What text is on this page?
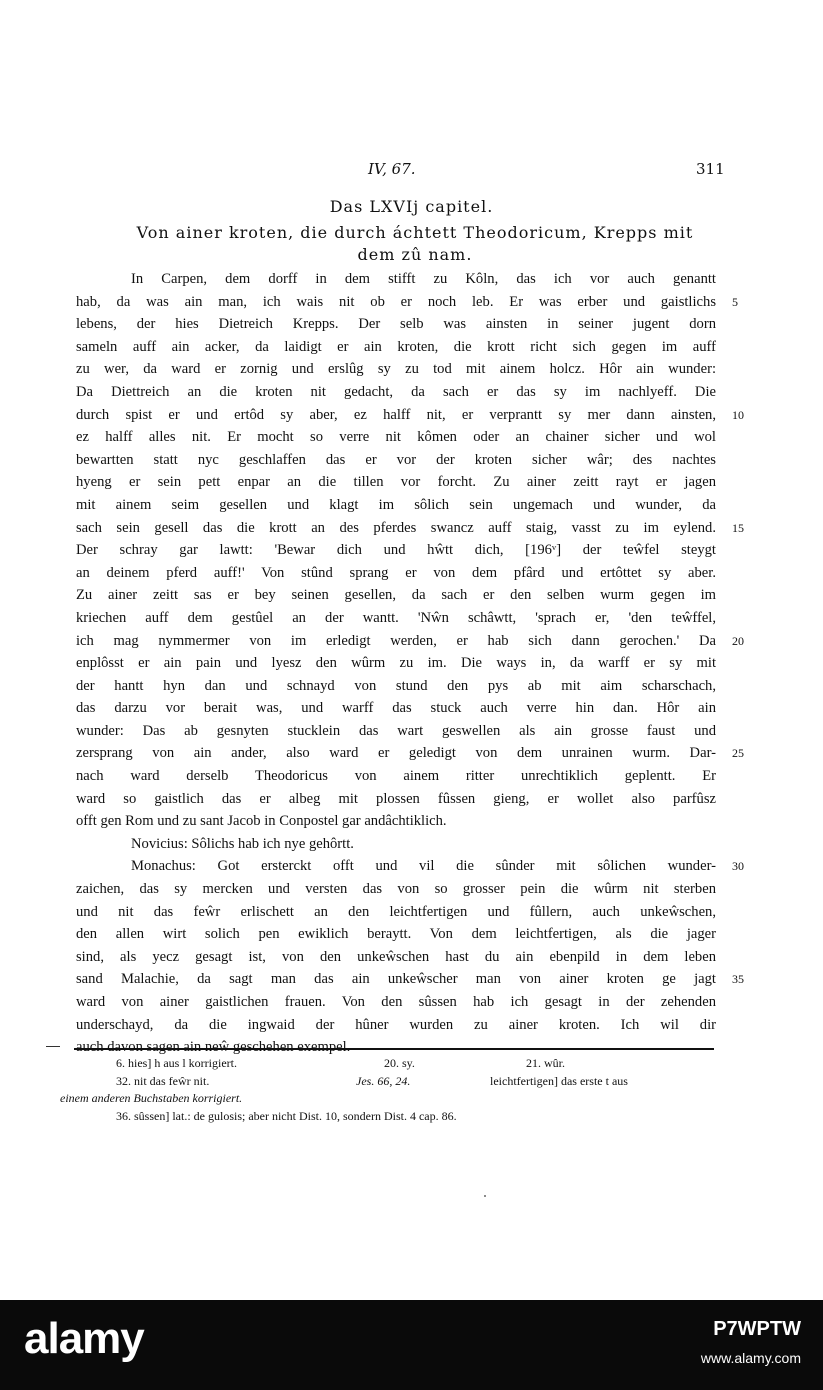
IV, 67.	311
Das LXVIj capitel.
Von ainer kroten, die durch áchtett Theodoricum, Krepps mit
dem zû nam.
In Carpen, dem dorff in dem stifft zu Kôln, das ich vor auch genantt
hab, da was ain man, ich wais nit ob er noch leb. Er was erber und gaistlichs 5
lebens, der hies Dietreich Krepps. Der selb was ainsten in seiner jugent dorn
sameln auff ain acker, da laidigt er ain kroten, die krott richt sich gegen im auff
zu wer, da ward er zornig und erslûg sy zu tod mit ainem holcz. Hôr ain wunder:
Da Diettreich an die kroten nit gedacht, da sach er das sy im nachlyeff. Die
durch spist er und ertôd sy aber, ez halff nit, er verprantt sy mer dann ainsten, 10
ez halff alles nit. Er mocht so verre nit kômen oder an chainer sicher und wol
bewartten statt nyc geschlaffen das er vor der kroten sicher wâr; des nachtes
hyeng er sein pett enpar an die tillen vor forcht. Zu ainer zeitt rayt er jagen
mit ainem seim gesellen und klagt im sôlich sein ungemach und wunder, da
sach sein gesell das die krott an des pferdes swancz auff staig, vasst zu im eylend. 15
Der schray gar lawtt: 'Bewar dich und hŵtt dich, [196ᵛ] der teŵfel steygt
an deinem pferd auff!' Von stûnd sprang er von dem pfârd und ertôttet sy aber.
Zu ainer zeitt sas er bey seinen gesellen, da sach er den selben wurm gegen im
kriechen auff dem gestûel an der wantt. 'Nŵn schâwtt, 'sprach er, 'den teŵffel,
ich mag nymmermer von im erledigt werden, er hab sich dann gerochen.' Da 20
enplôsst er ain pain und lyesz den wûrm zu im. Die ways in, da warff er sy mit
der hantt hyn dan und schnayd von stund den pys ab mit aim scharschach,
das darzu vor berait was, und warff das stuck auch verre hin dan. Hôr ain
wunder: Das ab gesnyten stucklein das wart geswellen als ain grosse faust und
zersprang von ain ander, also ward er geledigt von dem unrainen wurm. Dar- 25
nach ward derselb Theodoricus von ainem ritter unrechtiklich geplentt. Er
ward so gaistlich das er albeg mit plossen fûssen gieng, er wollet also parfûsz
offt gen Rom und zu sant Jacob in Conpostel gar andâchtiklich.
Novicius: Sôlichs hab ich nye gehôrtt.
Monachus: Got ersterckt offt und vil die sûnder mit sôlichen wunder- 30
zaichen, das sy mercken und versten das von so grosser pein die wûrm nit sterben
und nit das feŵr erlischett an den leichtfertigen und fûllern, auch unkeŵschen,
den allen wirt solich pen ewiklich beraytt. Von dem leichtfertigen, als die jager
sind, als yecz gesagt ist, von den unkeŵschen hast du ain ebenpild in dem leben
sand Malachie, da sagt man das ain unkeŵscher man von ainer kroten ge jagt 35
ward von ainer gaistlichen frauen. Von den sûssen hab ich gesagt in der zehenden
underschayd, da die ingwaid der hûner wurden zu ainer kroten. Ich wil dir
6. hies] h aus l korrigiert.	20. sy.	21. wûr.
32. nit das feŵr nit.	Jes. 66, 24.	leichtfertigen] das erste t aus
einem anderen Buchstaben korrigiert.
36. sûssen] lat.: de gulosis; aber nicht Dist. 10, sondern Dist. 4 cap. 86.
alamy	P7WPTW
www.alamy.com
